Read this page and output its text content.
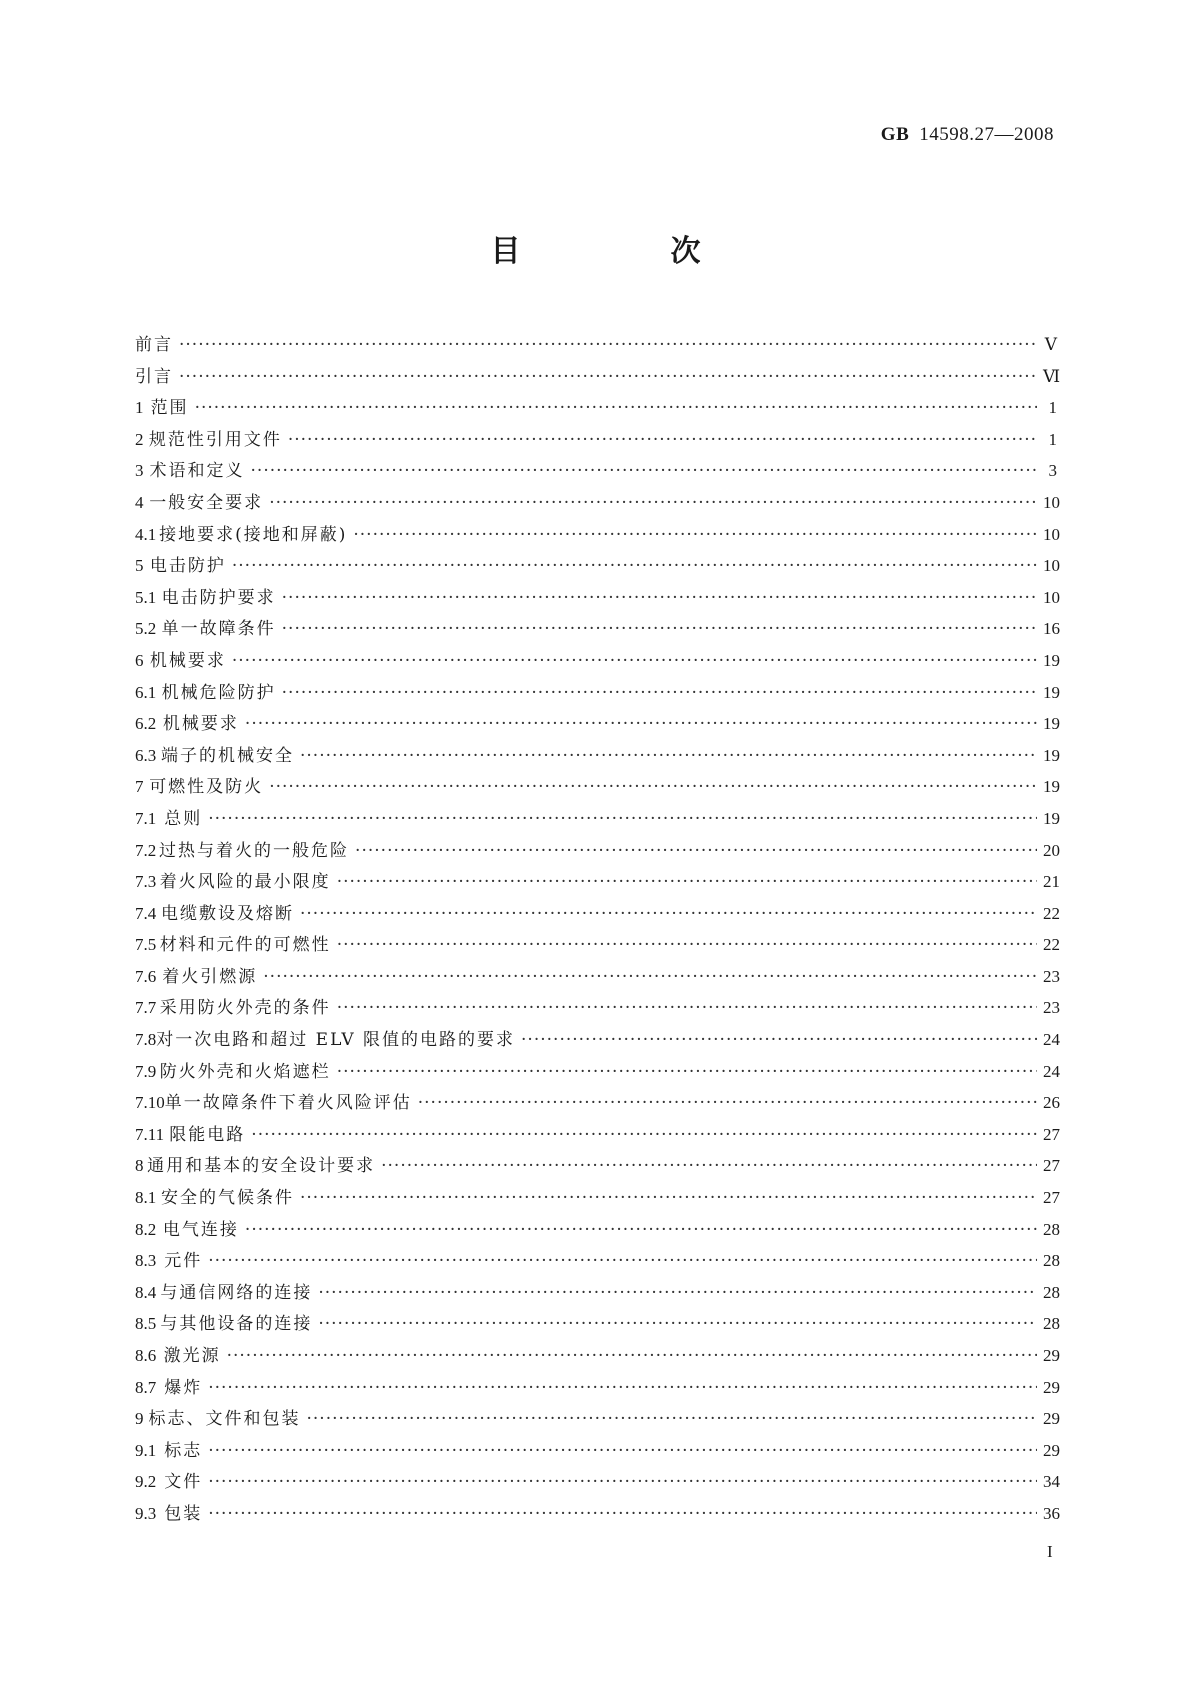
GB 14598.27—2008
目　次
前言 ·····	Ⅴ
引言 ·····	Ⅵ
1 范围 ·····	1
2 规范性引用文件 ·····	1
3 术语和定义 ·····	3
4 一般安全要求 ·····	10
4.1 接地要求(接地和屏蔽) ·····	10
5 电击防护 ·····	10
5.1 电击防护要求 ·····	10
5.2 单一故障条件 ·····	16
6 机械要求 ·····	19
6.1 机械危险防护 ·····	19
6.2 机械要求 ·····	19
6.3 端子的机械安全 ·····	19
7 可燃性及防火 ·····	19
7.1 总则 ·····	19
7.2 过热与着火的一般危险 ·····	20
7.3 着火风险的最小限度 ·····	21
7.4 电缆敷设及熔断 ·····	22
7.5 材料和元件的可燃性 ·····	22
7.6 着火引燃源 ·····	23
7.7 采用防火外壳的条件 ·····	23
7.8 对一次电路和超过 ELV 限值的电路的要求 ·····	24
7.9 防火外壳和火焰遮栏 ·····	24
7.10 单一故障条件下着火风险评估 ·····	26
7.11 限能电路 ·····	27
8 通用和基本的安全设计要求 ·····	27
8.1 安全的气候条件 ·····	27
8.2 电气连接 ·····	28
8.3 元件 ·····	28
8.4 与通信网络的连接 ·····	28
8.5 与其他设备的连接 ·····	28
8.6 激光源 ·····	29
8.7 爆炸 ·····	29
9 标志、文件和包装 ·····	29
9.1 标志 ·····	29
9.2 文件 ·····	34
9.3 包装 ·····	36
I
